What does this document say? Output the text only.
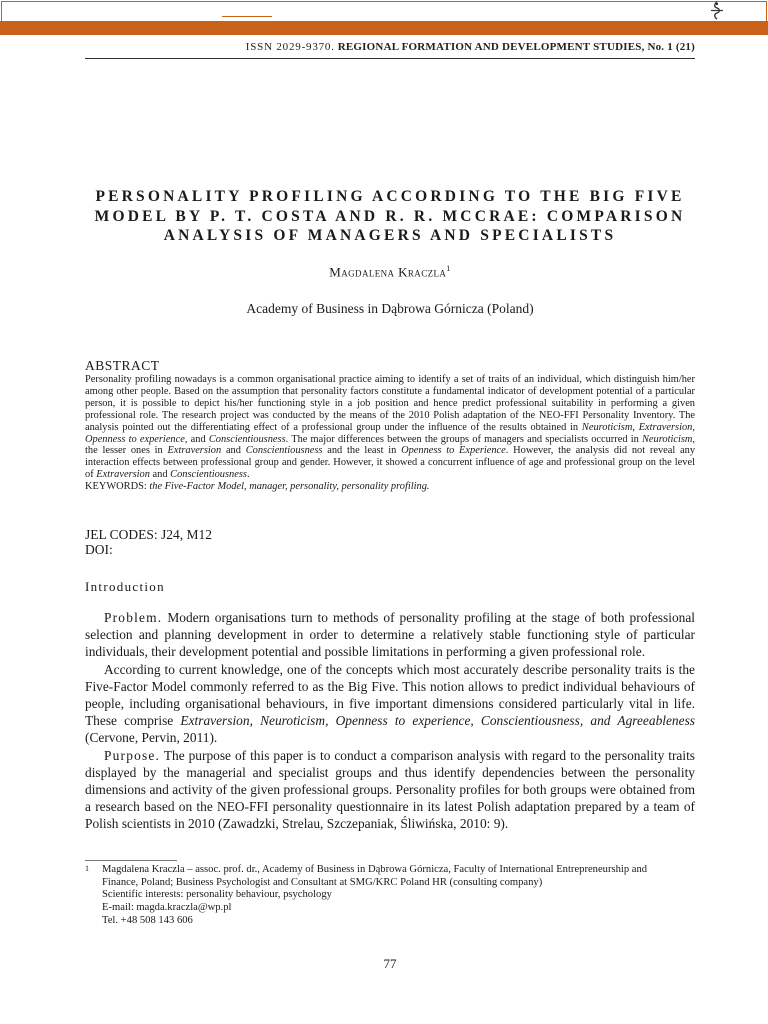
ISSN 2029-9370. REGIONAL FORMATION AND DEVELOPMENT STUDIES, No. 1 (21)
PERSONALITY PROFILING ACCORDING TO THE BIG FIVE
MODEL BY P. T. COSTA AND R. R. MCCRAE: COMPARISON
ANALYSIS OF MANAGERS AND SPECIALISTS
Magdalena Kraczla$^1$
Academy of Business in Dąbrowa Górnicza (Poland)
ABSTRACT

Personality profiling nowadays is a common organisational practice aiming to identify a set of traits of an individual, which distinguish him/her among other people. Based on the assumption that personality factors constitute a fundamental indicator of development potential of a particular person, it is possible to depict his/her functioning style in a job position and hence predict professional suitability in performing a given professional role. The research project was conducted by the means of the 2010 Polish adaptation of the NEO-FFI Personality Inventory. The analysis pointed out the differentiating effect of a professional group under the influence of the results obtained in Neuroticism, Extraversion, Openness to experience, and Conscientiousness. The major differences between the groups of managers and specialists occurred in Neuroticism, the lesser ones in Extraversion and Conscientiousness and the least in Openness to Experience. However, the analysis did not reveal any interaction effects between professional group and gender. However, it showed a concurrent influence of age and professional group on the level of Extraversion and Conscientiousness.

KEYWORDS: the Five-Factor Model, manager, personality, personality profiling.

JEL CODES: J24, M12
DOI:
Introduction

Problem. Modern organisations turn to methods of personality profiling at the stage of both professional selection and planning development in order to determine a relatively stable functioning style of particular individuals, their development potential and possible limitations in performing a given professional role.

According to current knowledge, one of the concepts which most accurately describe personality traits is the Five-Factor Model commonly referred to as the Big Five. This notion allows to predict individual behaviours of people, including organisational behaviours, in five important dimensions considered particularly vital in life. These comprise Extraversion, Neuroticism, Openness to experience, Conscientiousness, and Agreeableness (Cervone, Pervin, 2011).

Purpose. The purpose of this paper is to conduct a comparison analysis with regard to the personality traits displayed by the managerial and specialist groups and thus identify dependencies between the personality dimensions and activity of the given professional groups. Personality profiles for both groups were obtained from a research based on the NEO-FFI personality questionnaire in its latest Polish adaptation prepared by a team of Polish scientists in 2010 (Zawadzki, Strelau, Szczepaniak, Śliwińska, 2010: 9).

1 Magdalena Kraczla – assoc. prof. dr., Academy of Business in Dąbrowa Górnicza, Faculty of International Entrepreneurship and
Finance, Poland; Business Psychologist and Consultant at SMG/KRC Poland HR (consulting company)
Scientific interests: personality behaviour, psychology
E-mail: magda.kraczla@wp.pl
Tel. +48 508 143 606
77
